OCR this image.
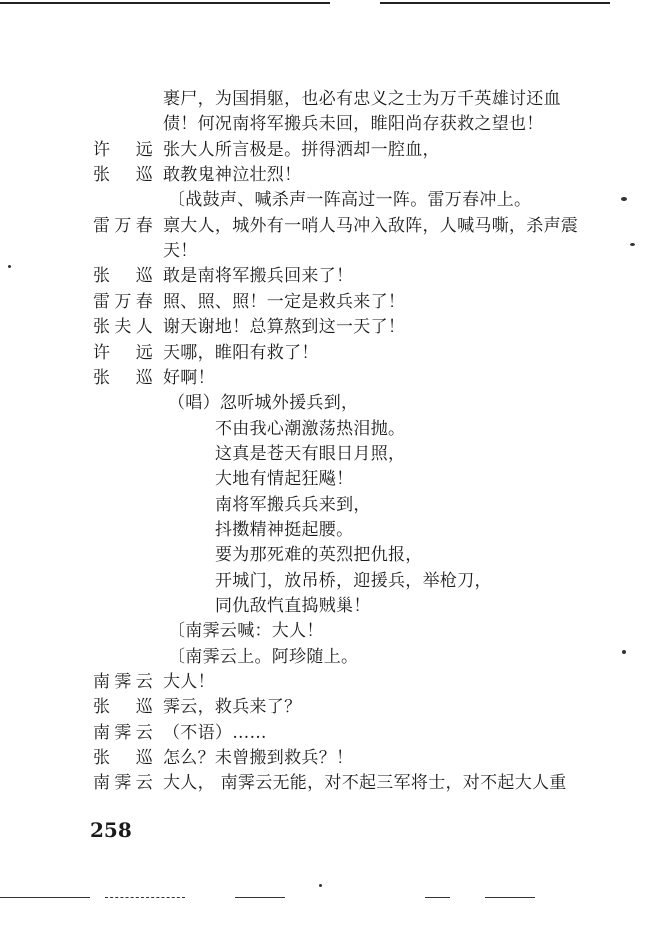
裹尸，为国捐躯，也必有忠义之士为万千英雄讨还血
债！何况南将军搬兵未回，睢阳尚存获救之望也！
许 远 张大人所言极是。拼得洒却一腔血，
张 巡 敢教鬼神泣壮烈！
〔战鼓声、喊杀声一阵高过一阵。雷万春冲上。
雷万春 禀大人，城外有一哨人马冲入敌阵，人喊马嘶，杀声震
天！
张 巡 敢是南将军搬兵回来了！
雷万春 照、照、照！一定是救兵来了！
张夫人 谢天谢地！总算熬到这一天了！
许 远 天哪，睢阳有救了！
张 巡 好啊！
（唱）忽听城外援兵到，
不由我心潮激荡热泪抛。
这真是苍天有眼日月照，
大地有情起狂飚！
南将军搬兵兵来到，
抖擞精神挺起腰。
要为那死难的英烈把仇报，
开城门，放吊桥，迎援兵，举枪刀，
同仇敌忾直捣贼巢！
〔南霁云喊：大人！
〔南霁云上。阿珍随上。
南霁云 大人！
张 巡 霁云，救兵来了？
南霁云 （不语）……
张 巡 怎么？未曾搬到救兵？！
南霁云 大人， 南霁云无能，对不起三军将士，对不起大人重
258
